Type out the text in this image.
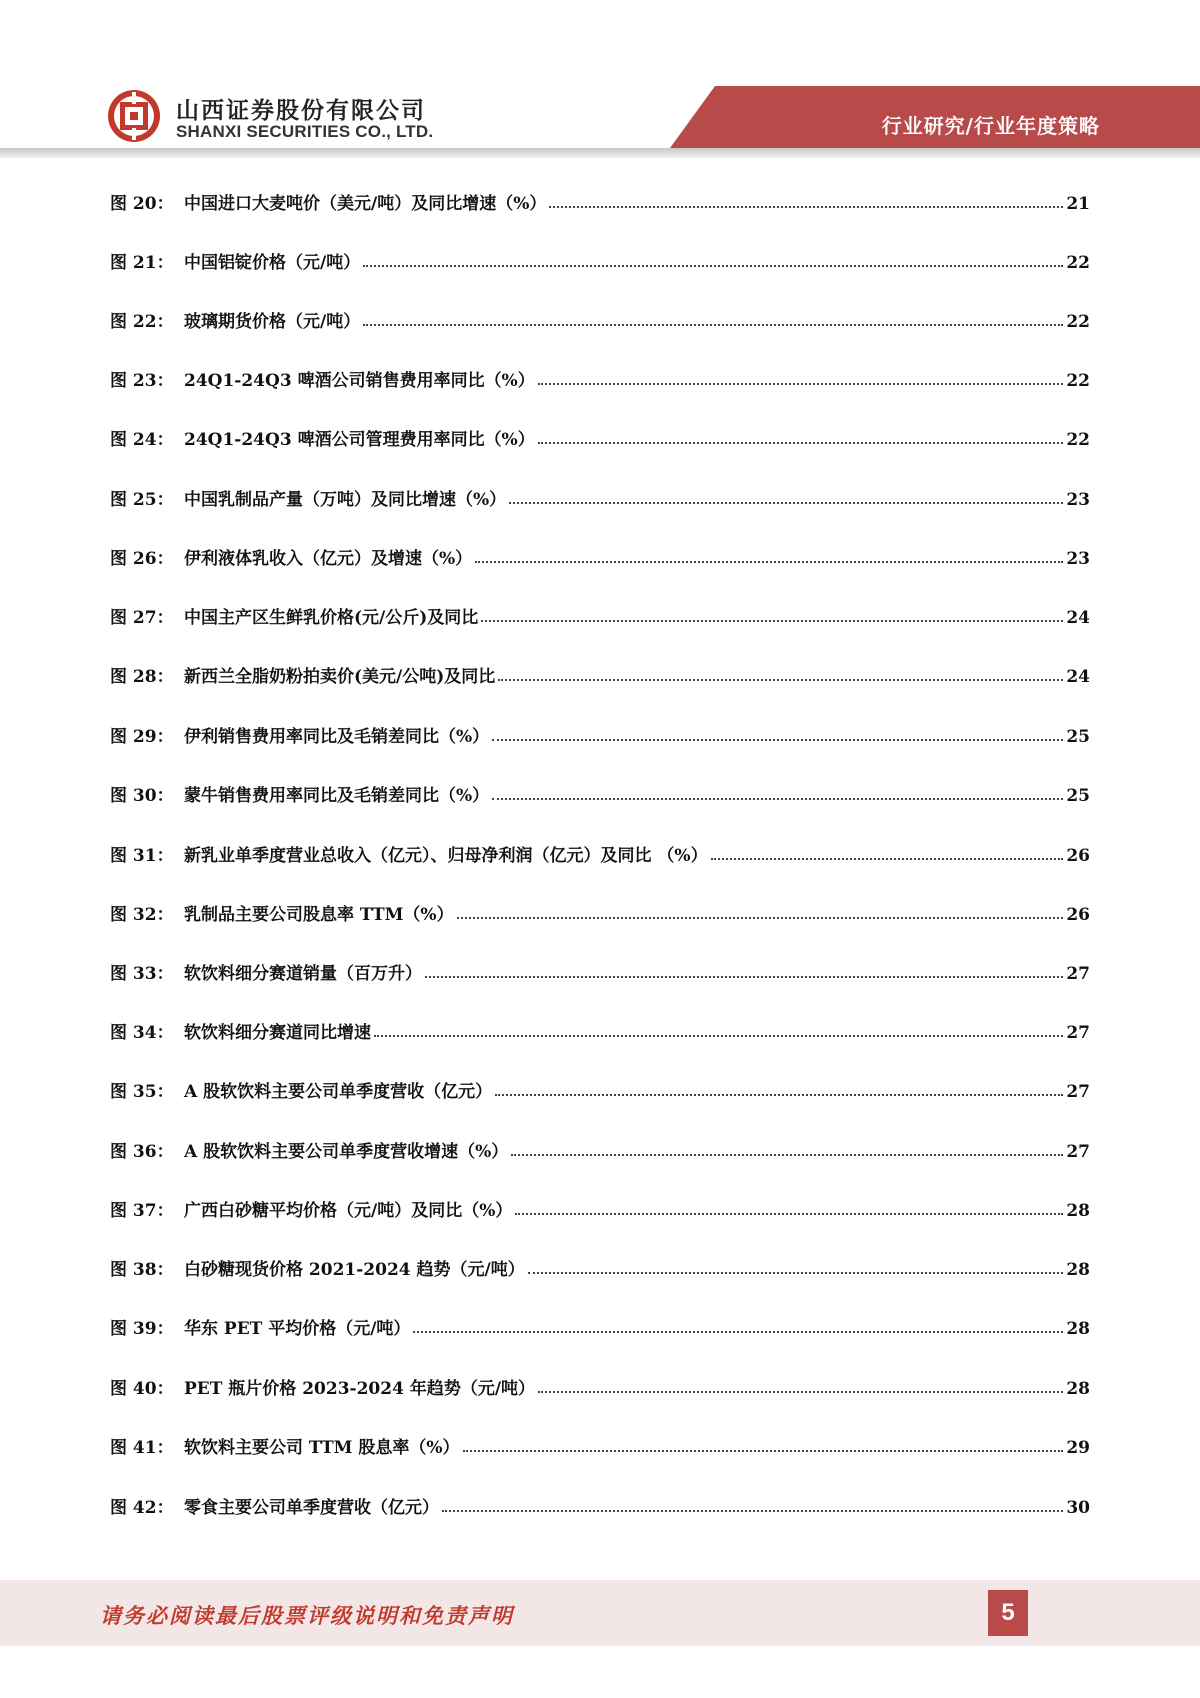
山西证券股份有限公司
SHANXI SECURITIES CO., LTD.	行业研究/行业年度策略
图 20： 中国进口大麦吨价（美元/吨）及同比增速（%）	21
图 21： 中国铝锭价格（元/吨）	22
图 22： 玻璃期货价格（元/吨）	22
图 23： 24Q1-24Q3 啤酒公司销售费用率同比（%）	22
图 24： 24Q1-24Q3 啤酒公司管理费用率同比（%）	22
图 25： 中国乳制品产量（万吨）及同比增速（%）	23
图 26： 伊利液体乳收入（亿元）及增速（%）	23
图 27： 中国主产区生鲜乳价格(元/公斤)及同比	24
图 28： 新西兰全脂奶粉拍卖价(美元/公吨)及同比	24
图 29： 伊利销售费用率同比及毛销差同比（%）	25
图 30： 蒙牛销售费用率同比及毛销差同比（%）	25
图 31： 新乳业单季度营业总收入（亿元）、归母净利润（亿元）及同比 （%）	26
图 32： 乳制品主要公司股息率 TTM（%）	26
图 33： 软饮料细分赛道销量（百万升）	27
图 34： 软饮料细分赛道同比增速	27
图 35： A 股软饮料主要公司单季度营收（亿元）	27
图 36： A 股软饮料主要公司单季度营收增速（%）	27
图 37： 广西白砂糖平均价格（元/吨）及同比（%）	28
图 38： 白砂糖现货价格 2021-2024 趋势（元/吨）	28
图 39： 华东 PET 平均价格（元/吨）	28
图 40： PET 瓶片价格 2023-2024 年趋势（元/吨）	28
图 41： 软饮料主要公司 TTM 股息率（%）	29
图 42： 零食主要公司单季度营收（亿元）	30
请务必阅读最后股票评级说明和免责声明	5
